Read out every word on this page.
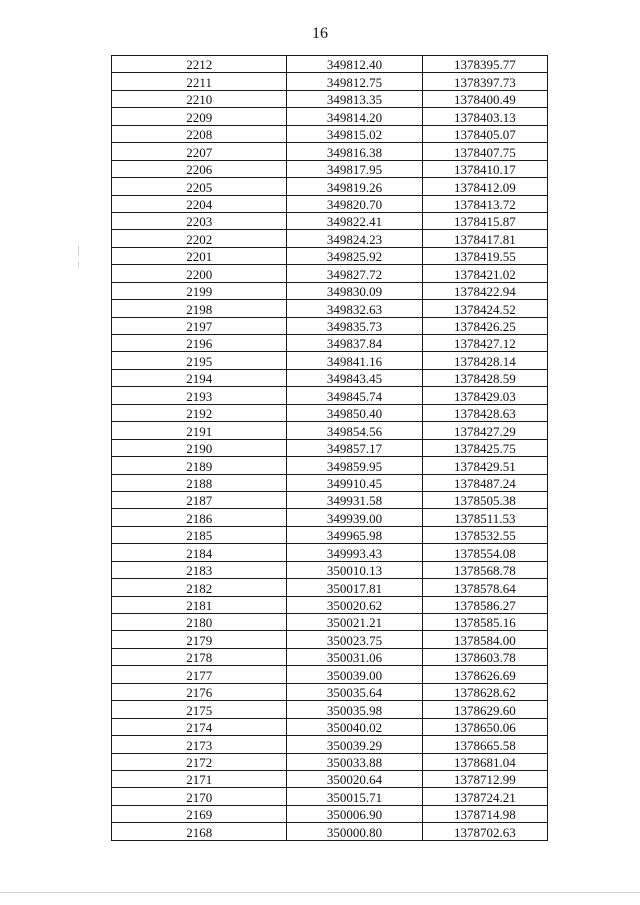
16
2212	349812.40	1378395.77
2211	349812.75	1378397.73
2210	349813.35	1378400.49
2209	349814.20	1378403.13
2208	349815.02	1378405.07
2207	349816.38	1378407.75
2206	349817.95	1378410.17
2205	349819.26	1378412.09
2204	349820.70	1378413.72
2203	349822.41	1378415.87
2202	349824.23	1378417.81
2201	349825.92	1378419.55
2200	349827.72	1378421.02
2199	349830.09	1378422.94
2198	349832.63	1378424.52
2197	349835.73	1378426.25
2196	349837.84	1378427.12
2195	349841.16	1378428.14
2194	349843.45	1378428.59
2193	349845.74	1378429.03
2192	349850.40	1378428.63
2191	349854.56	1378427.29
2190	349857.17	1378425.75
2189	349859.95	1378429.51
2188	349910.45	1378487.24
2187	349931.58	1378505.38
2186	349939.00	1378511.53
2185	349965.98	1378532.55
2184	349993.43	1378554.08
2183	350010.13	1378568.78
2182	350017.81	1378578.64
2181	350020.62	1378586.27
2180	350021.21	1378585.16
2179	350023.75	1378584.00
2178	350031.06	1378603.78
2177	350039.00	1378626.69
2176	350035.64	1378628.62
2175	350035.98	1378629.60
2174	350040.02	1378650.06
2173	350039.29	1378665.58
2172	350033.88	1378681.04
2171	350020.64	1378712.99
2170	350015.71	1378724.21
2169	350006.90	1378714.98
2168	350000.80	1378702.63
